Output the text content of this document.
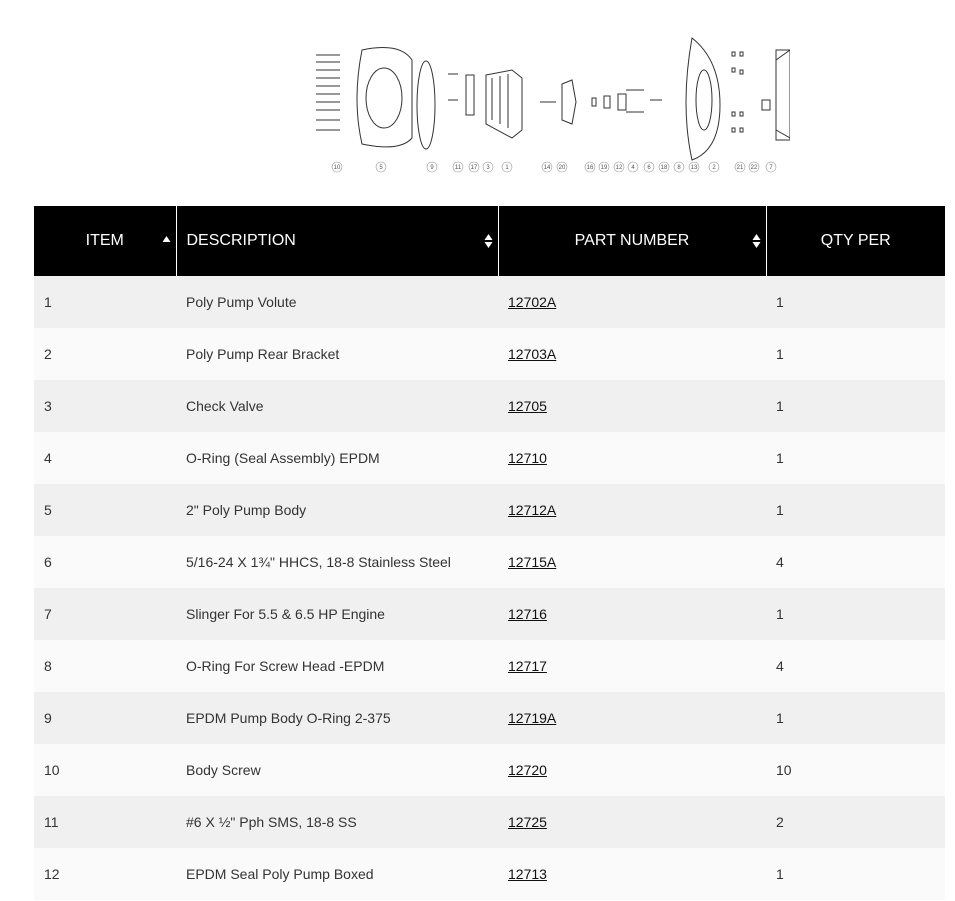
10	5	9	11 17 3	1	14 20	16 19 12 4 6 18 8 13 2	21 22 7
ITEM	DESCRIPTION	PART NUMBER	QTY PER

1	Poly Pump Volute	12702A	1
2	Poly Pump Rear Bracket	12703A	1
3	Check Valve	12705	1
4	O-Ring (Seal Assembly) EPDM	12710	1
5	2" Poly Pump Body	12712A	1
6	5/16-24 X 1¾" HHCS, 18-8 Stainless Steel	12715A	4
7	Slinger For 5.5 & 6.5 HP Engine	12716	1
8	O-Ring For Screw Head -EPDM	12717	4
9	EPDM Pump Body O-Ring 2-375	12719A	1
10	Body Screw	12720	10
11	#6 X ½" Pph SMS, 18-8 SS	12725	2
12	EPDM Seal Poly Pump Boxed	12713	1
